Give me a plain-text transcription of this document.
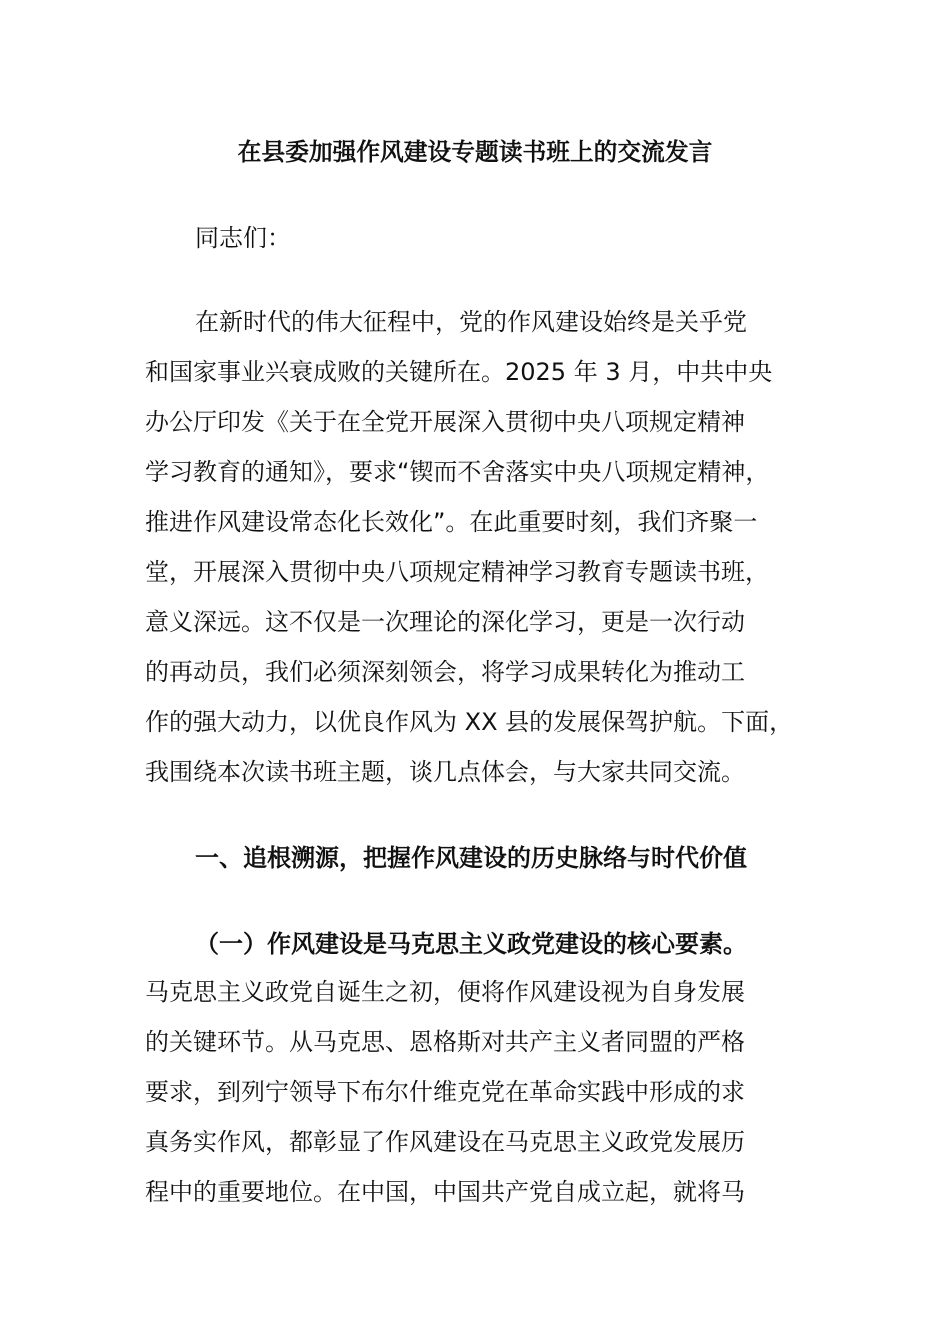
在县委加强作风建设专题读书班上的交流发言
同志们：
在新时代的伟大征程中，党的作风建设始终是关乎党
和国家事业兴衰成败的关键所在。2025 年 3 月，中共中央
办公厅印发《关于在全党开展深入贯彻中央八项规定精神
学习教育的通知》，要求“锲而不舍落实中央八项规定精神，
推进作风建设常态化长效化”。在此重要时刻，我们齐聚一
堂，开展深入贯彻中央八项规定精神学习教育专题读书班，
意义深远。这不仅是一次理论的深化学习，更是一次行动
的再动员，我们必须深刻领会，将学习成果转化为推动工
作的强大动力，以优良作风为 XX 县的发展保驾护航。下面，
我围绕本次读书班主题，谈几点体会，与大家共同交流。
一、追根溯源，把握作风建设的历史脉络与时代价值
（一）作风建设是马克思主义政党建设的核心要素。
马克思主义政党自诞生之初，便将作风建设视为自身发展
的关键环节。从马克思、恩格斯对共产主义者同盟的严格
要求，到列宁领导下布尔什维克党在革命实践中形成的求
真务实作风，都彰显了作风建设在马克思主义政党发展历
程中的重要地位。在中国，中国共产党自成立起，就将马
